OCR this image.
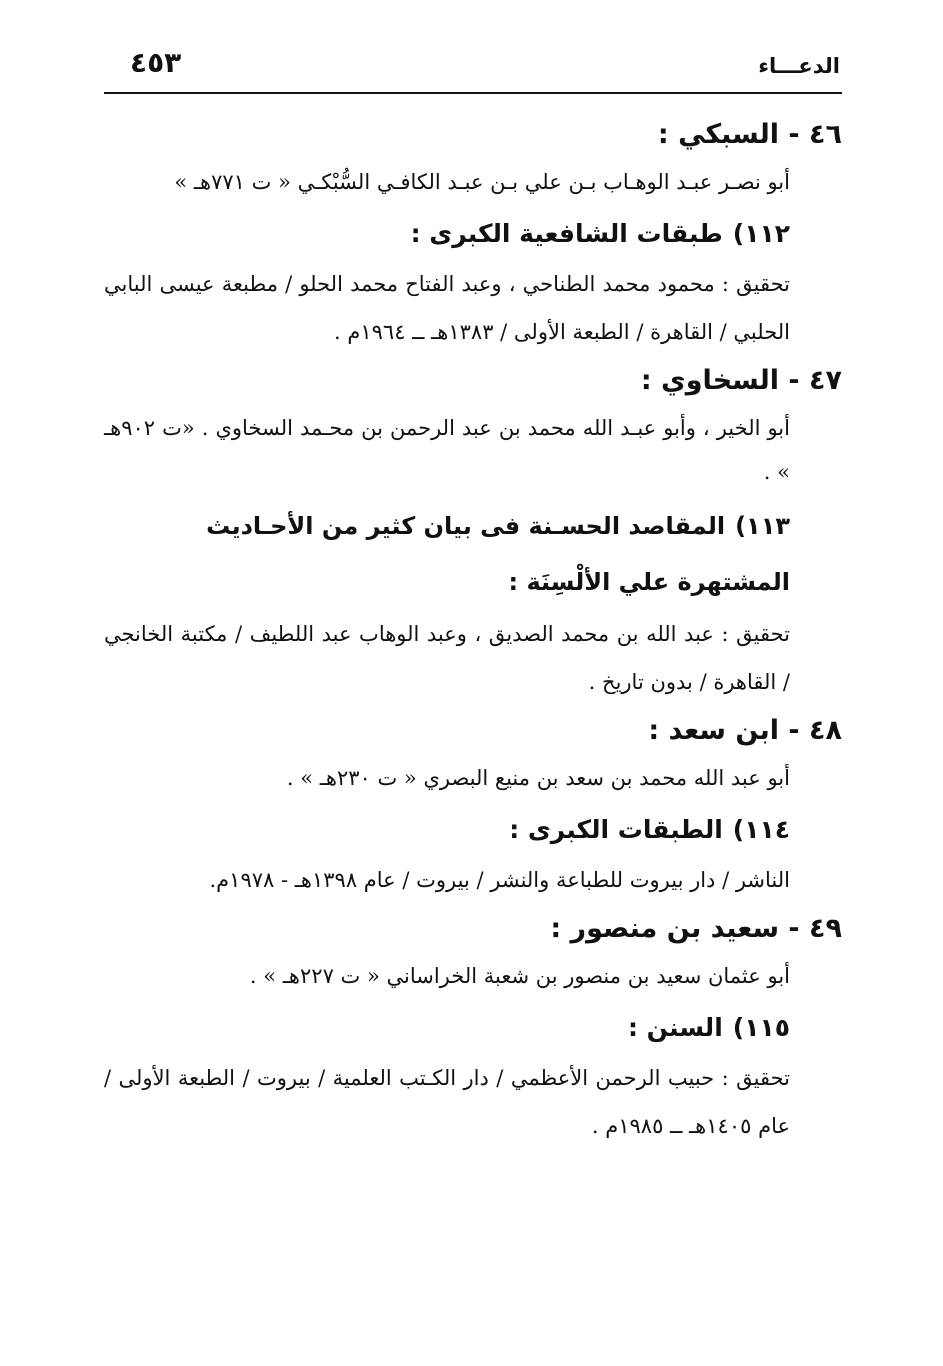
الدعـــاء
٤٥٣
٤٦ - السبكي :

أبو نصـر عبـد الوهـاب بـن علي بـن عبـد الكافـي السُّبْكـي « ت ٧٧١هـ »

١١٢)طبقات الشافعية الكبرى :

تحقيق : محمود محمد الطناحي ، وعبد الفتاح محمد الحلو / مطبعة عيسى البابي الحلبي / القاهرة / الطبعة الأولى / ١٣٨٣هـ ــ ١٩٦٤م .

٤٧ - السخاوي :

أبو الخير ، وأبو عبـد الله محمد بن عبد الرحمن بن محـمد السخاوي . «ت ٩٠٢هـ » .

١١٣)المقاصد الحسـنة فى بيان كثير من الأحـاديث المشتهرة علي الألْسِنَة :

تحقيق : عبد الله بن محمد الصديق ، وعبد الوهاب عبد اللطيف / مكتبة الخانجي / القاهرة / بدون تاريخ .

٤٨ - ابن سعد :

أبو عبد الله محمد بن سعد بن منيع البصري « ت ٢٣٠هـ » .

١١٤)الطبقات الكبرى :

الناشر / دار بيروت للطباعة والنشر / بيروت / عام ١٣٩٨هـ - ١٩٧٨م.

٤٩ - سعيد بن منصور :

أبو عثمان سعيد بن منصور بن شعبة الخراساني « ت ٢٢٧هـ » .

١١٥)السنن :

تحقيق : حبيب الرحمن الأعظمي / دار الكـتب العلمية / بيروت / الطبعة الأولى / عام ١٤٠٥هـ ــ ١٩٨٥م .
